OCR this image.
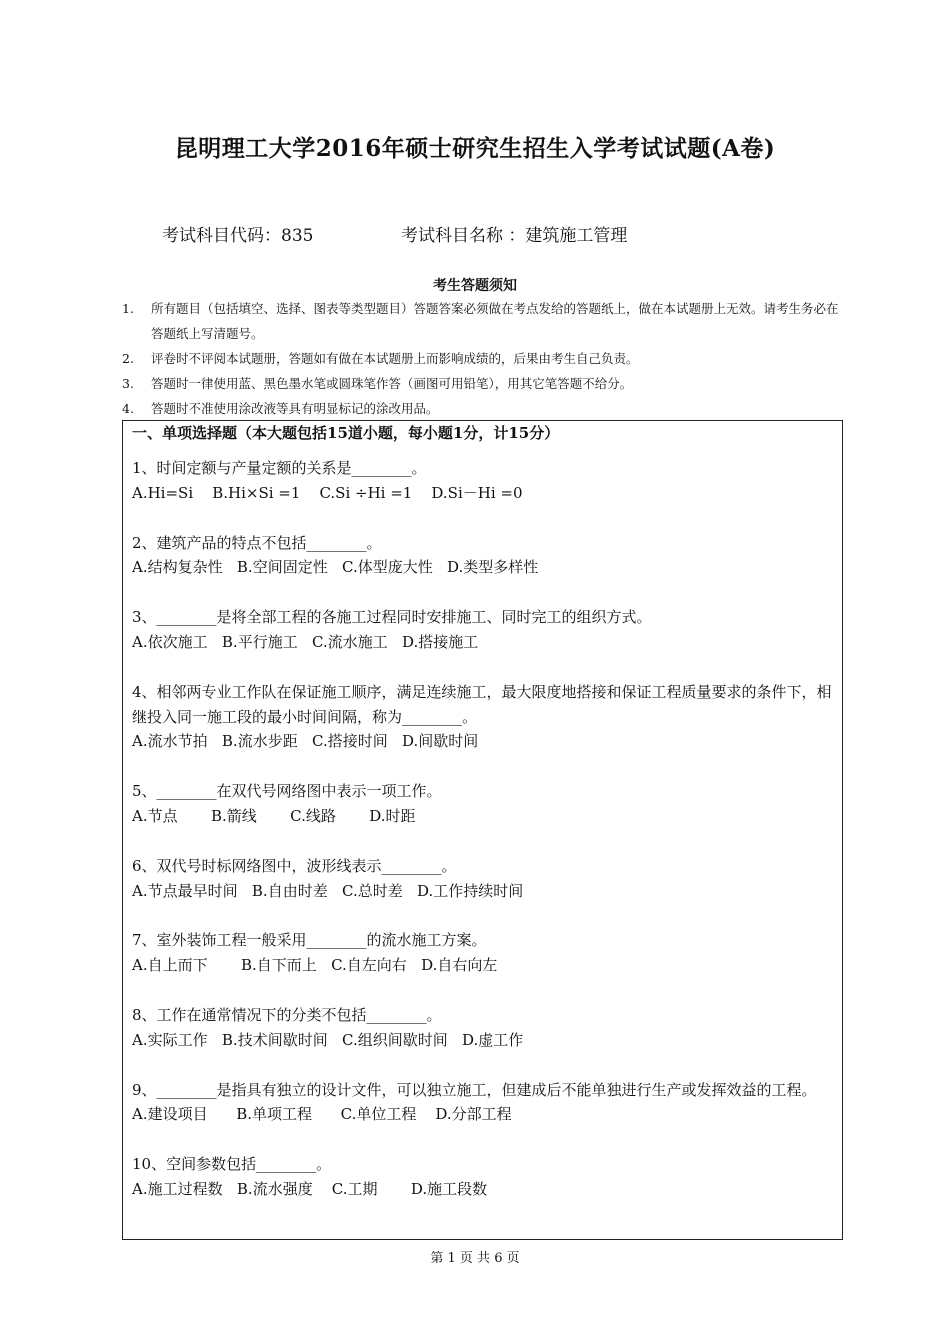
昆明理工大学2016年硕士研究生招生入学考试试题(A卷)
考试科目代码：835	考试科目名称 ：建筑施工管理
考生答题须知
1. 所有题目（包括填空、选择、图表等类型题目）答题答案必须做在考点发给的答题纸上，做在本试题册上无效。请考生务必在答题纸上写清题号。
2. 评卷时不评阅本试题册，答题如有做在本试题册上而影响成绩的，后果由考生自己负责。
3. 答题时一律使用蓝、黑色墨水笔或圆珠笔作答（画图可用铅笔），用其它笔答题不给分。
4. 答题时不准使用涂改液等具有明显标记的涂改用品。
一、单项选择题（本大题包括15道小题，每小题1分，计15分）
1、时间定额与产量定额的关系是________。
A.Hi=Si    B.Hi×Si =1    C.Si ÷Hi =1    D.Si－Hi =0
2、建筑产品的特点不包括________。
A.结构复杂性   B.空间固定性   C.体型庞大性   D.类型多样性
3、________是将全部工程的各施工过程同时安排施工、同时完工的组织方式。
A.依次施工   B.平行施工   C.流水施工   D.搭接施工
4、相邻两专业工作队在保证施工顺序，满足连续施工，最大限度地搭接和保证工程质量要求的条件下，相继投入同一施工段的最小时间间隔，称为________。
A.流水节拍   B.流水步距   C.搭接时间   D.间歇时间
5、________在双代号网络图中表示一项工作。
A.节点       B.箭线       C.线路       D.时距
6、双代号时标网络图中，波形线表示________。
A.节点最早时间   B.自由时差   C.总时差   D.工作持续时间
7、室外装饰工程一般采用________的流水施工方案。
A.自上而下       B.自下而上   C.自左向右   D.自右向左
8、工作在通常情况下的分类不包括________。
A.实际工作   B.技术间歇时间   C.组织间歇时间   D.虚工作
9、________是指具有独立的设计文件，可以独立施工，但建成后不能单独进行生产或发挥效益的工程。
A.建设项目      B.单项工程      C.单位工程    D.分部工程
10、空间参数包括________。
A.施工过程数   B.流水强度    C.工期       D.施工段数
第 1 页 共 6 页
